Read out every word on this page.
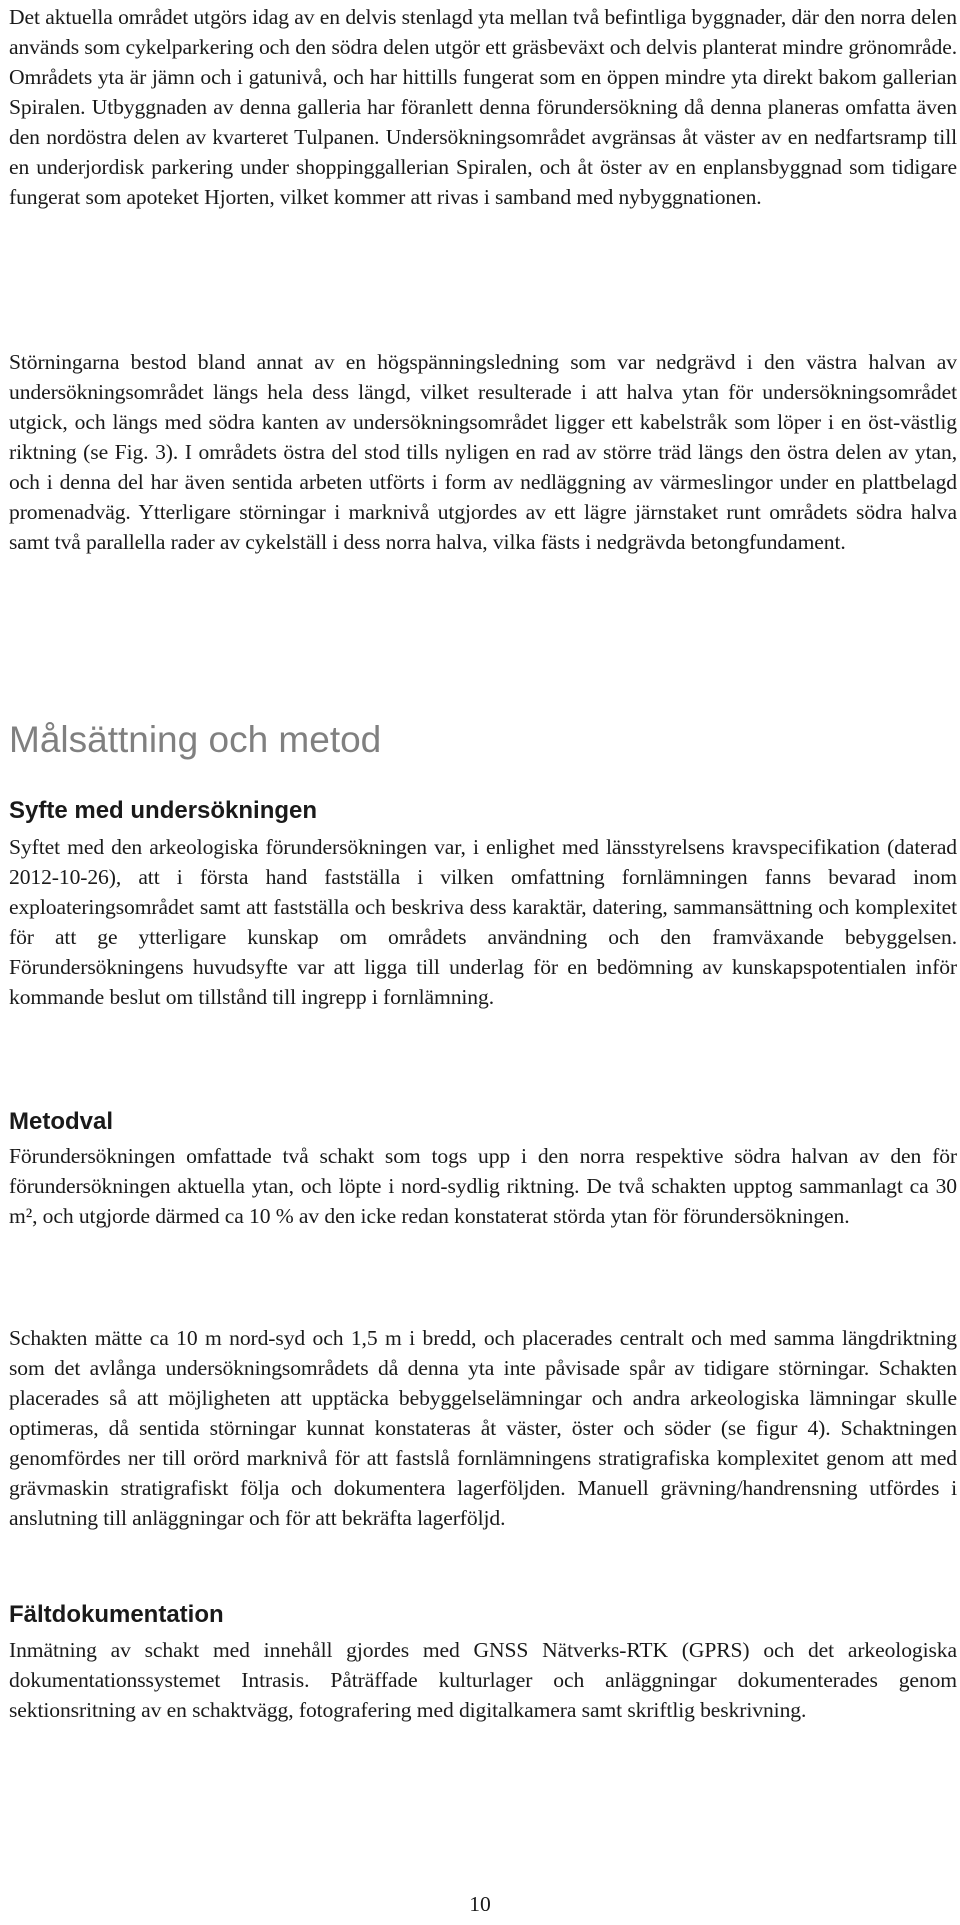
Det aktuella området utgörs idag av en delvis stenlagd yta mellan två befintliga byggnader, där den norra delen används som cykelparkering och den södra delen utgör ett gräsbeväxt och delvis planterat mindre grönområde. Områdets yta är jämn och i gatunivå, och har hittills fungerat som en öppen mindre yta direkt bakom gallerian Spiralen. Utbyggnaden av denna galleria har föranlett denna förundersökning då denna planeras omfatta även den nordöstra delen av kvarteret Tulpanen. Undersökningsområdet avgränsas åt väster av en nedfartsramp till en underjordisk parkering under shoppinggallerian Spiralen, och åt öster av en enplansbyggnad som tidigare fungerat som apoteket Hjorten, vilket kommer att rivas i samband med nybyggnationen.

Störningarna bestod bland annat av en högspänningsledning som var nedgrävd i den västra halvan av undersökningsområdet längs hela dess längd, vilket resulterade i att halva ytan för undersökningsområdet utgick, och längs med södra kanten av undersökningsområdet ligger ett kabelstråk som löper i en öst-västlig riktning (se Fig. 3). I områdets östra del stod tills nyligen en rad av större träd längs den östra delen av ytan, och i denna del har även sentida arbeten utförts i form av nedläggning av värmeslingor under en plattbelagd promenadväg. Ytterligare störningar i marknivå utgjordes av ett lägre järnstaket runt områdets södra halva samt två parallella rader av cykelställ i dess norra halva, vilka fästs i nedgrävda betongfundament.

Målsättning och metod
Syfte med undersökningen

Syftet med den arkeologiska förundersökningen var, i enlighet med länsstyrelsens kravspecifikation (daterad 2012-10-26), att i första hand fastställa i vilken omfattning fornlämningen fanns bevarad inom exploateringsområdet samt att fastställa och beskriva dess karaktär, datering, sammansättning och komplexitet för att ge ytterligare kunskap om områdets användning och den framväxande bebyggelsen. Förundersökningens huvudsyfte var att ligga till underlag för en bedömning av kunskapspotentialen inför kommande beslut om tillstånd till ingrepp i fornlämning.

Metodval

Förundersökningen omfattade två schakt som togs upp i den norra respektive södra halvan av den för förundersökningen aktuella ytan, och löpte i nord-sydlig riktning. De två schakten upptog sammanlagt ca 30 m², och utgjorde därmed ca 10 % av den icke redan konstaterat störda ytan för förundersökningen.

Schakten mätte ca 10 m nord-syd och 1,5 m i bredd, och placerades centralt och med samma längdriktning som det avlånga undersökningsområdets då denna yta inte påvisade spår av tidigare störningar. Schakten placerades så att möjligheten att upptäcka bebyggelselämningar och andra arkeologiska lämningar skulle optimeras, då sentida störningar kunnat konstateras åt väster, öster och söder (se figur 4). Schaktningen genomfördes ner till orörd marknivå för att fastslå fornlämningens stratigrafiska komplexitet genom att med grävmaskin stratigrafiskt följa och dokumentera lagerföljden. Manuell grävning/handrensning utfördes i anslutning till anläggningar och för att bekräfta lagerföljd.

Fältdokumentation

Inmätning av schakt med innehåll gjordes med GNSS Nätverks-RTK (GPRS) och det arkeologiska dokumentationssystemet Intrasis. Påträffade kulturlager och anläggningar dokumenterades genom sektionsritning av en schaktvägg, fotografering med digitalkamera samt skriftlig beskrivning.

10
